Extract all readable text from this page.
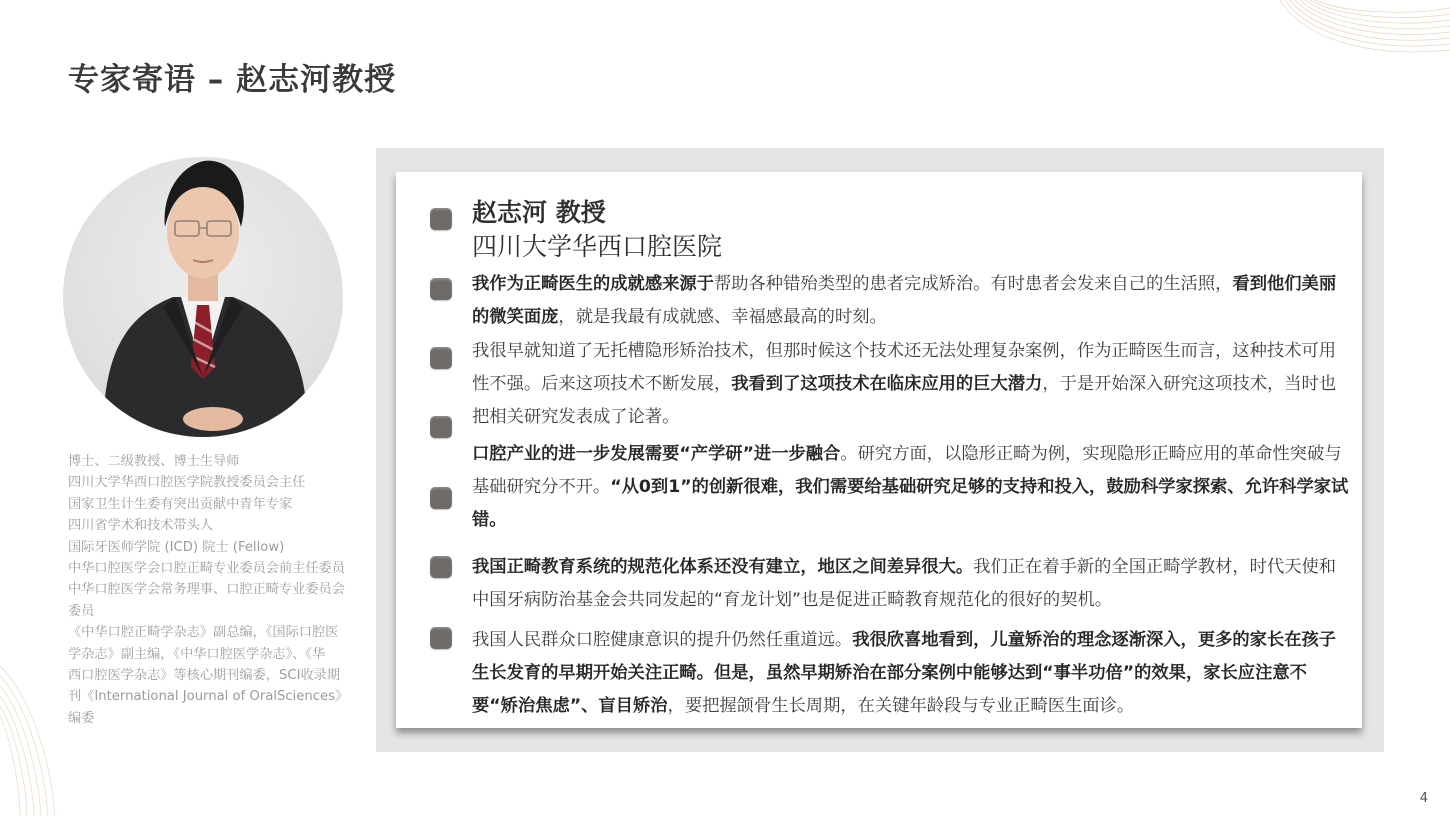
专家寄语 – 赵志河教授
博士、二级教授、博士生导师
四川大学华西口腔医学院教授委员会主任
国家卫生计生委有突出贡献中青年专家
四川省学术和技术带头人
国际牙医师学院 (ICD) 院士 (Fellow)
中华口腔医学会口腔正畸专业委员会前主任委员
中华口腔医学会常务理事、口腔正畸专业委员会
委员
《中华口腔正畸学杂志》副总编，《国际口腔医
学杂志》副主编，《中华口腔医学杂志》、《华
西口腔医学杂志》等核心期刊编委，SCI收录期
刊《International Journal of OralSciences》
编委
赵志河 教授
四川大学华西口腔医院

我作为正畸医生的成就感来源于帮助各种错殆类型的患者完成矫治。有时患者会发来自己的生活照，看到他们美丽的微笑面庞，就是我最有成就感、幸福感最高的时刻。

我很早就知道了无托槽隐形矫治技术，但那时候这个技术还无法处理复杂案例，作为正畸医生而言，这种技术可用性不强。后来这项技术不断发展，我看到了这项技术在临床应用的巨大潜力，于是开始深入研究这项技术，当时也把相关研究发表成了论著。

口腔产业的进一步发展需要“产学研”进一步融合。研究方面，以隐形正畸为例，实现隐形正畸应用的革命性突破与基础研究分不开。“从0到1”的创新很难，我们需要给基础研究足够的支持和投入，鼓励科学家探索、允许科学家试错。

我国正畸教育系统的规范化体系还没有建立，地区之间差异很大。我们正在着手新的全国正畸学教材，时代天使和中国牙病防治基金会共同发起的“育龙计划”也是促进正畸教育规范化的很好的契机。

我国人民群众口腔健康意识的提升仍然任重道远。我很欣喜地看到，儿童矫治的理念逐渐深入，更多的家长在孩子生长发育的早期开始关注正畸。但是，虽然早期矫治在部分案例中能够达到“事半功倍”的效果，家长应注意不要“矫治焦虑”、盲目矫治，要把握颌骨生长周期，在关键年龄段与专业正畸医生面诊。

4
